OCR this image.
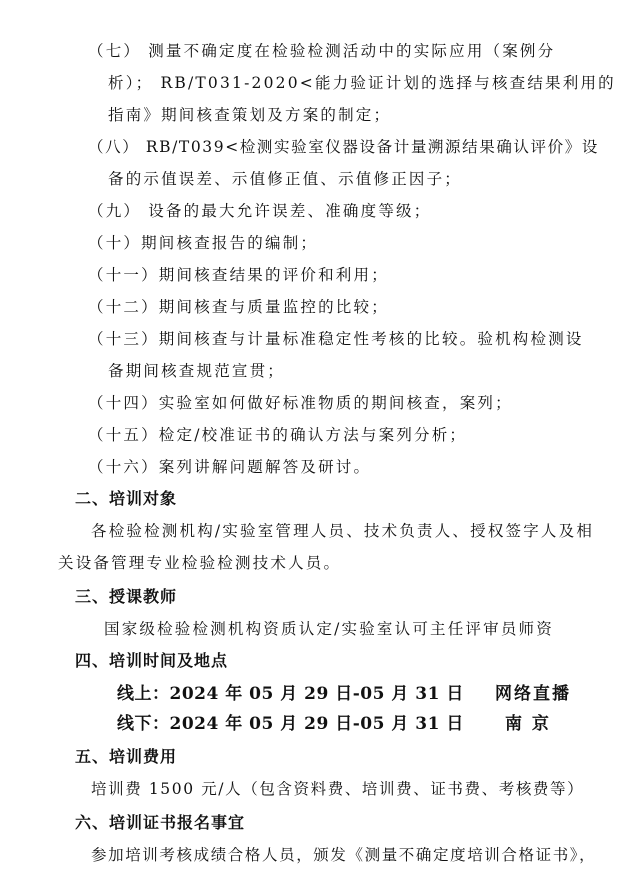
（七） 测量不确定度在检验检测活动中的实际应用（案例分
析）； RB/T031-2020<能力验证计划的选择与核查结果利用的
指南》期间核查策划及方案的制定；
（八） RB/T039<检测实验室仪器设备计量溯源结果确认评价》设
备的示值误差、示值修正值、示值修正因子；
（九） 设备的最大允许误差、准确度等级；
（十）期间核查报告的编制；
（十一）期间核查结果的评价和利用；
（十二）期间核查与质量监控的比较；
（十三）期间核查与计量标准稳定性考核的比较。验机构检测设
备期间核查规范宣贯；
（十四）实验室如何做好标准物质的期间核查，案列；
（十五）检定/校准证书的确认方法与案列分析；
（十六）案列讲解问题解答及研讨。
二、培训对象
各检验检测机构/实验室管理人员、技术负责人、授权签字人及相
关设备管理专业检验检测技术人员。
三、授课教师
国家级检验检测机构资质认定/实验室认可主任评审员师资
四、培训时间及地点
线上：2024 年 05 月 29 日-05 月 31 日 网络直播
线下：2024 年 05 月 29 日-05 月 31 日 南 京
五、培训费用
培训费 1500 元/人（包含资料费、培训费、证书费、考核费等）
六、培训证书报名事宜
参加培训考核成绩合格人员，颁发《测量不确定度培训合格证书》，
